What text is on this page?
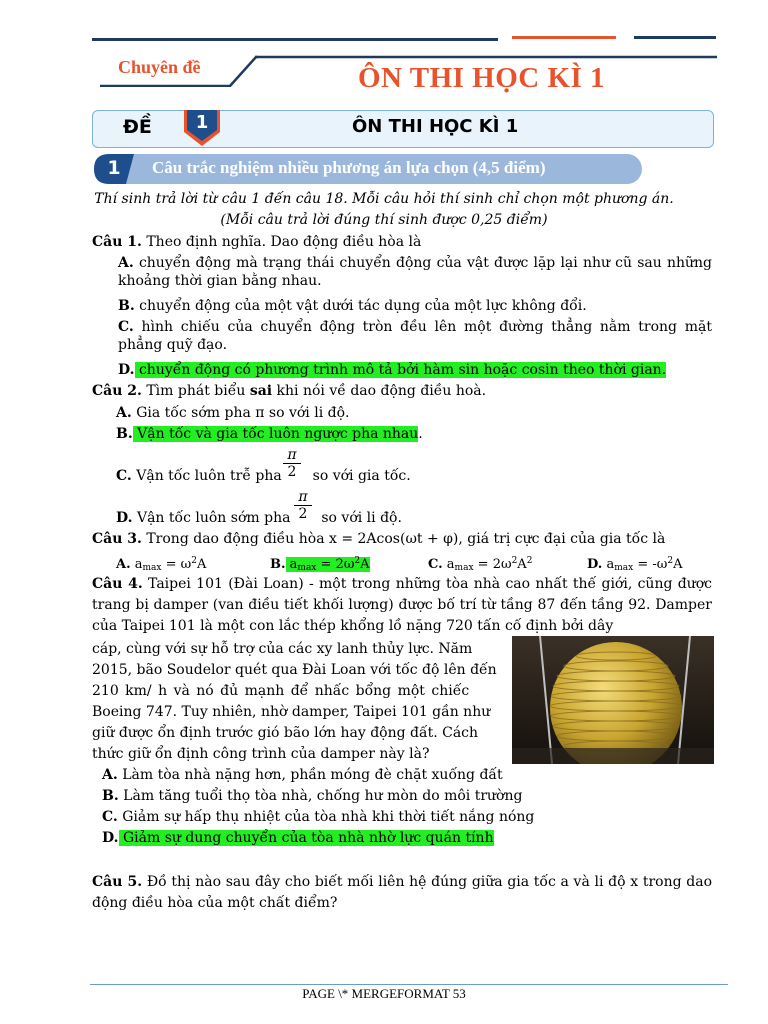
Chuyên đề	ÔN THI HỌC KÌ 1
ĐỀ	1	ÔN THI HỌC KÌ 1
1	Câu trắc nghiệm nhiều phương án lựa chọn (4,5 điểm)
Thí sinh trả lời từ câu 1 đến câu 18. Mỗi câu hỏi thí sinh chỉ chọn một phương án.
(Mỗi câu trả lời đúng thí sinh được 0,25 điểm)
Câu 1. Theo định nghĩa. Dao động điều hòa là
A. chuyển động mà trạng thái chuyển động của vật được lặp lại như cũ sau những khoảng thời gian bằng nhau.
B. chuyển động của một vật dưới tác dụng của một lực không đổi.
C. hình chiếu của chuyển động tròn đều lên một đường thẳng nằm trong mặt phẳng quỹ đạo.
D. chuyển động có phương trình mô tả bởi hàm sin hoặc cosin theo thời gian.
Câu 2. Tìm phát biểu sai khi nói về dao động điều hoà.
A. Gia tốc sớm pha π so với li độ.
B. Vận tốc và gia tốc luôn ngược pha nhau.
C. Vận tốc luôn trễ pha  so với gia tốc.
$\frac{\pi}{2}$
D. Vận tốc luôn sớm pha  so với li độ.
$\frac{\pi}{2}$
Câu 3. Trong dao động điều hòa x = 2Acos(ωt + φ), giá trị cực đại của gia tốc là
A. $a_{max} = \omega^2A$	B. $a_{max} = 2\omega^2A$	C. $a_{max} = 2\omega^2A^2$	D. $a_{max} = -\omega^2A$
Câu 4. Taipei 101 (Đài Loan) - một trong những tòa nhà cao nhất thế giới, cũng được trang bị damper (van điều tiết khối lượng) được bố trí từ tầng 87 đến tầng 92. Damper của Taipei 101 là một con lắc thép khổng lồ nặng 720 tấn cố định bởi dây
cáp, cùng với sự hỗ trợ của các xy lanh thủy lực. Năm
2015, bão Soudelor quét qua Đài Loan với tốc độ lên đến
210 km/ h và nó đủ mạnh để nhấc bổng một chiếc
Boeing 747. Tuy nhiên, nhờ damper, Taipei 101 gần như
giữ được ổn định trước gió bão lớn hay động đất. Cách
thức giữ ổn định công trình của damper này là?
A. Làm tòa nhà nặng hơn, phần móng đè chặt xuống đất
B. Làm tăng tuổi thọ tòa nhà, chống hư mòn do môi trường
C. Giảm sự hấp thụ nhiệt của tòa nhà khi thời tiết nắng nóng
D. Giảm sự dung chuyển của tòa nhà nhờ lực quán tính
Câu 5. Đồ thị nào sau đây cho biết mối liên hệ đúng giữa gia tốc a và li độ x trong dao động điều hòa của một chất điểm?
PAGE \* MERGEFORMAT 53
